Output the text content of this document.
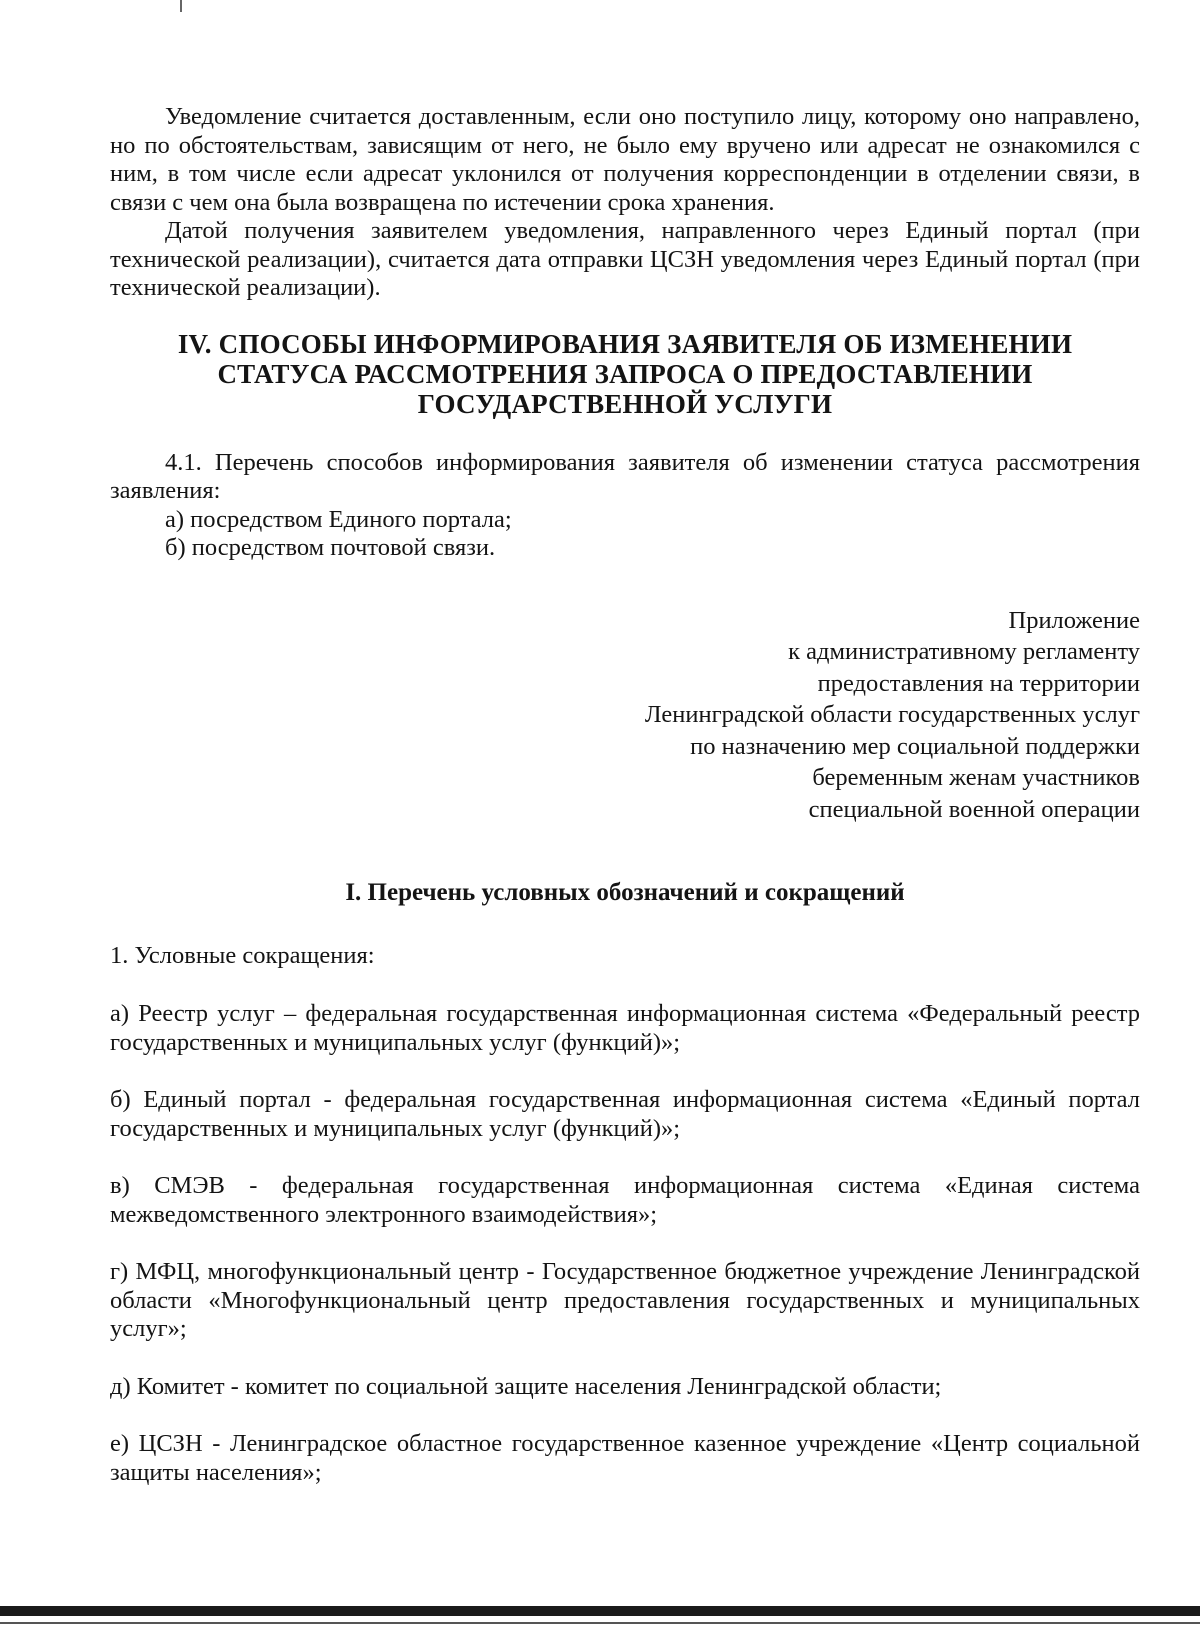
Уведомление считается доставленным, если оно поступило лицу, которому оно направлено, но по обстоятельствам, зависящим от него, не было ему вручено или адресат не ознакомился с ним, в том числе если адресат уклонился от получения корреспонденции в отделении связи, в связи с чем она была возвращена по истечении срока хранения.

Датой получения заявителем уведомления, направленного через Единый портал (при технической реализации), считается дата отправки ЦСЗН уведомления через Единый портал (при технической реализации).

IV. СПОСОБЫ ИНФОРМИРОВАНИЯ ЗАЯВИТЕЛЯ ОБ ИЗМЕНЕНИИ
СТАТУСА РАССМОТРЕНИЯ ЗАПРОСА О ПРЕДОСТАВЛЕНИИ
ГОСУДАРСТВЕННОЙ УСЛУГИ

4.1. Перечень способов информирования заявителя об изменении статуса рассмотрения заявления:

а) посредством Единого портала;

б) посредством почтовой связи.

Приложение
к административному регламенту
предоставления на территории
Ленинградской области государственных услуг
по назначению мер социальной поддержки
беременным женам участников
специальной военной операции
I. Перечень условных обозначений и сокращений

1. Условные сокращения:

а) Реестр услуг – федеральная государственная информационная система «Федеральный реестр государственных и муниципальных услуг (функций)»;

б) Единый портал - федеральная государственная информационная система «Единый портал государственных и муниципальных услуг (функций)»;

в) СМЭВ - федеральная государственная информационная система «Единая система межведомственного электронного взаимодействия»;

г) МФЦ, многофункциональный центр - Государственное бюджетное учреждение Ленинградской области «Многофункциональный центр предоставления государственных и муниципальных услуг»;

д) Комитет - комитет по социальной защите населения Ленинградской области;

е) ЦСЗН - Ленинградское областное государственное казенное учреждение «Центр социальной защиты населения»;
